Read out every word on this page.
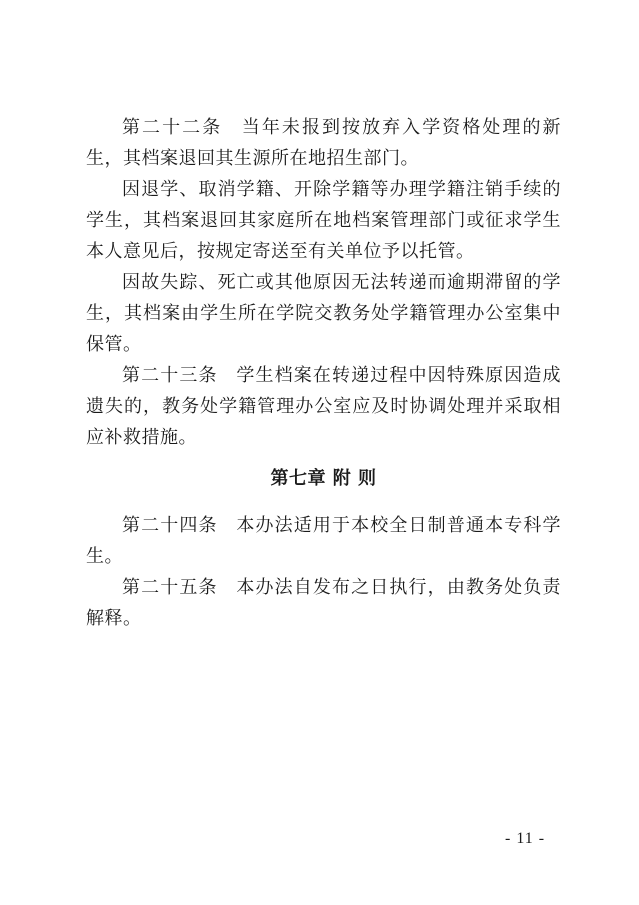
第二十二条 当年未报到按放弃入学资格处理的新生，其档案退回其生源所在地招生部门。

因退学、取消学籍、开除学籍等办理学籍注销手续的学生，其档案退回其家庭所在地档案管理部门或征求学生本人意见后，按规定寄送至有关单位予以托管。

因故失踪、死亡或其他原因无法转递而逾期滞留的学生，其档案由学生所在学院交教务处学籍管理办公室集中保管。

第二十三条 学生档案在转递过程中因特殊原因造成遗失的，教务处学籍管理办公室应及时协调处理并采取相应补救措施。

第七章 附 则

第二十四条 本办法适用于本校全日制普通本专科学生。

第二十五条 本办法自发布之日执行，由教务处负责解释。

- 11 -
